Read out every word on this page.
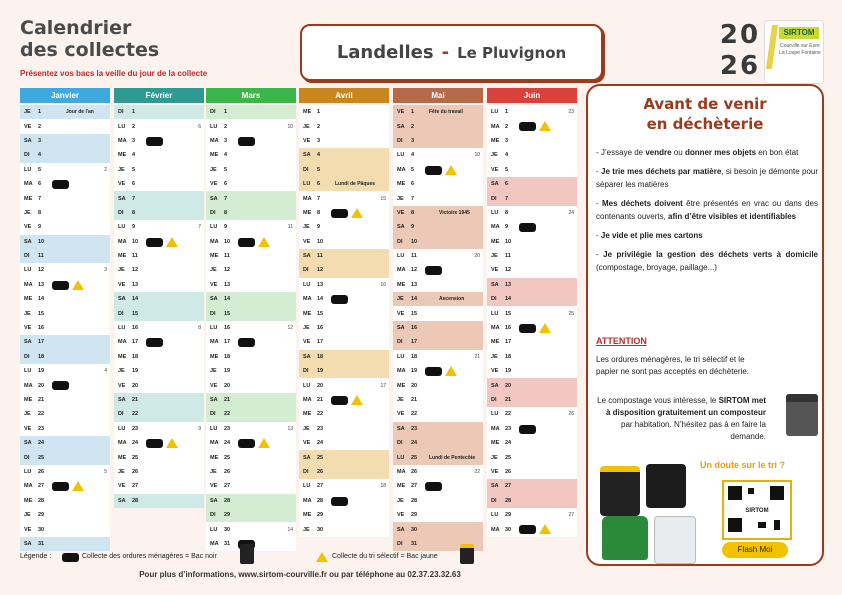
Calendrier
des collectes
Présentez vos bacs la veille du jour de la collecte
Landelles - Le Pluvignon
20
26
SIRTOM
Courville sur Eure La Loupe Fontaine
Janvier
JE	1	Jour de l'an
VE	2
SA	3
DI	4
LU	5	2
MA 6
ME	7
JE	8
VE	9
SA	10
DI	11
LU	12	3
MA 13
ME	14
JE	15
VE	16
SA	17
DI	18
LU	19	4
MA 20
ME	21
JE	22
VE	23
SA	24
DI	25
LU	26	5
MA 27
ME	28
JE	29
VE	30
SA	31
Février
DI	1
LU	2	6
MA 3
ME	4
JE	5
VE	6
SA	7
DI	8
LU	9	7
MA 10
ME	11
JE	12
VE	13
SA	14
DI	15
LU	16	8
MA 17
ME	18
JE	19
VE	20
SA	21
DI	22
LU	23	9
MA 24
ME	25
JE	26
VE	27
SA	28
Mars
DI	1
LU	2	10
MA 3
ME	4
JE	5
VE	6
SA	7
DI	8
LU	9	11
MA 10
ME	11
JE	12
VE	13
SA	14
DI	15
LU	16	12
MA 17
ME	18
JE	19
VE	20
SA	21
DI	22
LU	23	13
MA 24
ME	25
JE	26
VE	27
SA	28
DI	29
LU	30	14
MA 31
Avril
ME	1
JE	2
VE	3
SA	4
DI	5
LU	6	Lundi de Pâques
MA 7	15
ME	8
JE	9
VE	10
SA	11
DI	12
LU	13	16
MA 14
ME	15
JE	16
VE	17
SA	18
DI	19
LU	20	17
MA 21
ME	22
JE	23
VE	24
SA	25
DI	26
LU	27	18
MA 28
ME	29
JE	30
Mai
VE	1	Fête du travail
SA	2
DI	3
LU	4	10
MA 5
ME	6
JE	7
VE	8	Victoire 1945
SA	9
DI	10
LU	11	20
MA 12
ME	13
JE	14	Ascension
VE	15
SA	16
DI	17
LU	18	21
MA 19
ME	20
JE	21
VE	22
SA	23
DI	24
LU	25	Lundi de Pentecôte
MA 26	22
ME	27
JE	28
VE	29
SA	30
DI	31
Juin
LU	1	23
MA 2
ME	3
JE	4
VE	5
SA	6
DI	7
LU	8	24
MA 9
ME	10
JE	11
VE	12
SA	13
DI	14
LU	15	25
MA 16
ME	17
JE	18
VE	19
SA	20
DI	21
LU	22	26
MA 23
ME	24
JE	25
VE	26
SA	27
DI	28
LU	29	27
MA 30
Avant de venir
en déchèterie

- J’essaye de vendre ou donner mes objets en bon état

- Je trie mes déchets par matière, si besoin je démonte pour séparer les matières

- Mes déchets doivent être présentés en vrac ou dans des contenants ouverts, afin d’être visibles et identifiables

- Je vide et plie mes cartons

- Je privilégie la gestion des déchets verts à domicile (compostage, broyage, paillage...)

ATTENTION
Les ordures ménagères, le tri sélectif et le papier ne sont pas acceptés en déchèterie.
Le compostage vous intéresse, le SIRTOM met à disposition gratuitement un composteur par habitation. N’hésitez pas à en faire la demande.
Un doute sur le tri ?
SIRTOM
Flash Moi
Légende :	Collecte des ordures ménagères = Bac noir	Collecte du tri sélectif = Bac jaune
Pour plus d’informations, www.sirtom-courville.fr ou par téléphone au 02.37.23.32.63
